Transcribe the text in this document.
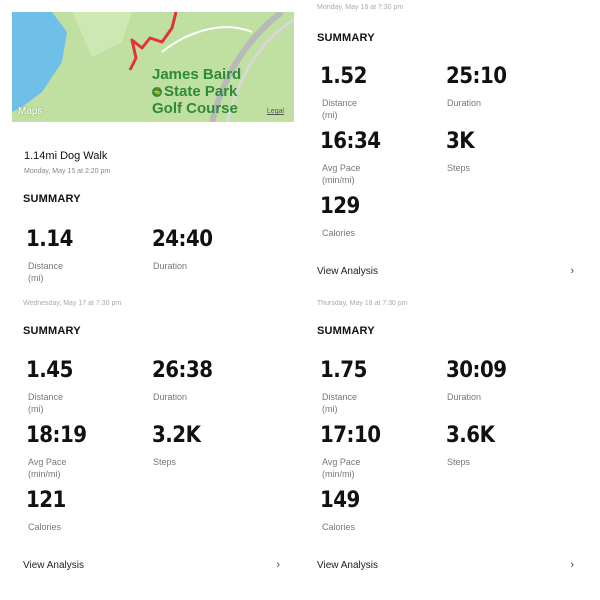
James Baird
⛳ State Park
Golf Course
Maps	Legal
1.14mi Dog Walk
Monday, May 15 at 2:20 pm
SUMMARY
1.14
Distance
(mi)
24:40
Duration
Monday, May 18 at 7:30 pm
SUMMARY
1.52
Distance
(mi)
25:10
Duration
16:34
Avg Pace
(min/mi)
3K
Steps
129
Calories
View Analysis	›
Wednesday, May 17 at 7:30 pm
SUMMARY
1.45
Distance
(mi)
26:38
Duration
18:19
Avg Pace
(min/mi)
3.2K
Steps
121
Calories
View Analysis	›
Thursday, May 18 at 7:30 pm
SUMMARY
1.75
Distance
(mi)
30:09
Duration
17:10
Avg Pace
(min/mi)
3.6K
Steps
149
Calories
View Analysis	›
